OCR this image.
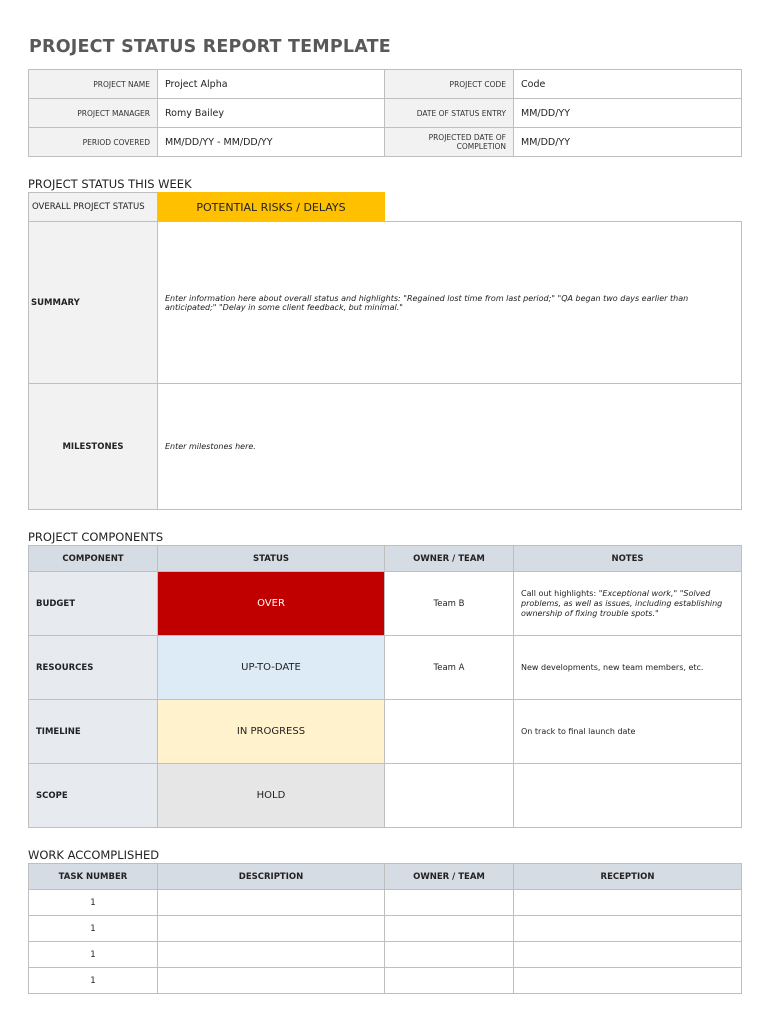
PROJECT STATUS REPORT TEMPLATE
PROJECT NAME	Project Alpha	PROJECT CODE	Code
PROJECT MANAGER	Romy Bailey	DATE OF STATUS ENTRY	MM/DD/YY
PERIOD COVERED	MM/DD/YY - MM/DD/YY	PROJECTED DATE OF COMPLETION	MM/DD/YY
PROJECT STATUS THIS WEEK
OVERALL PROJECT STATUS	POTENTIAL RISKS / DELAYS
SUMMARY	Enter information here about overall status and highlights: "Regained lost time from last period;" "QA began two days earlier than anticipated;" "Delay in some client feedback, but minimal."
MILESTONES	Enter milestones here.
PROJECT COMPONENTS
COMPONENT	STATUS	OWNER / TEAM	NOTES
BUDGET	OVER	Team B	Call out highlights: "Exceptional work," "Solved problems, as well as issues, including establishing ownership of fixing trouble spots."
RESOURCES	UP-TO-DATE	Team A	New developments, new team members, etc.
TIMELINE	IN PROGRESS		On track to final launch date
SCOPE	HOLD		
WORK ACCOMPLISHED
TASK NUMBER	DESCRIPTION	OWNER / TEAM	RECEPTION
1			
1			
1			
1			
